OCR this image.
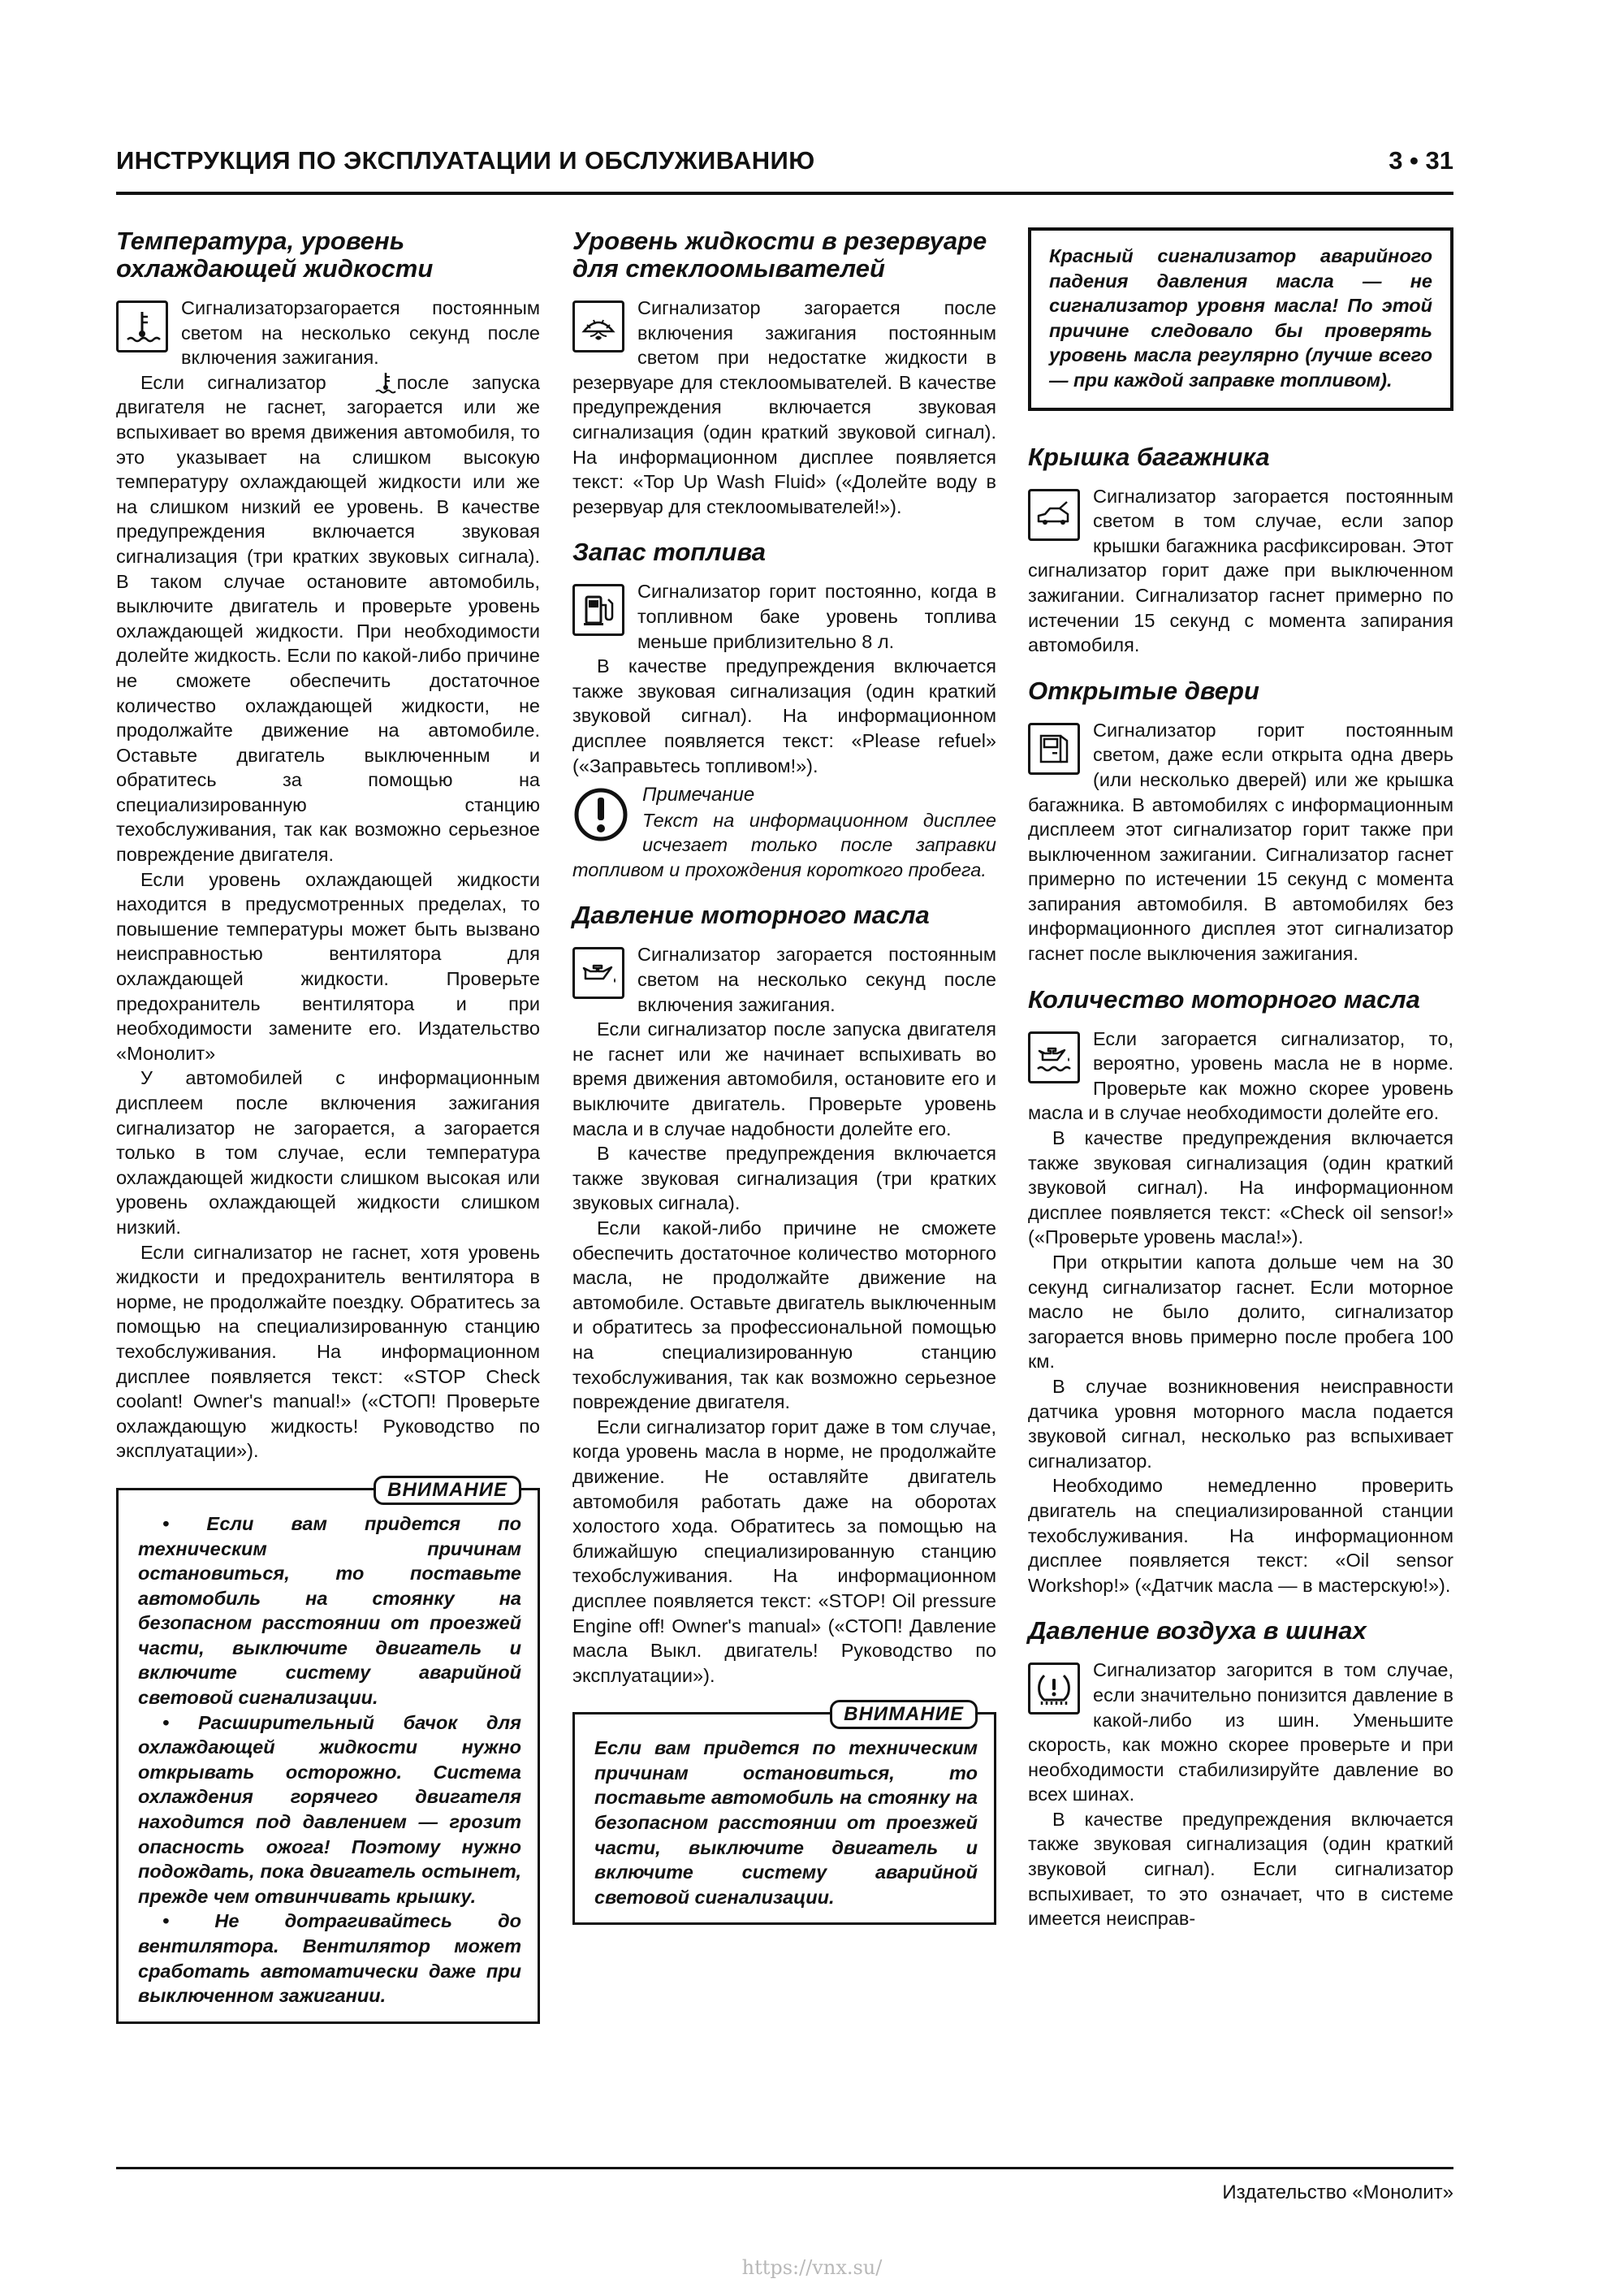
ИНСТРУКЦИЯ ПО ЭКСПЛУАТАЦИИ И ОБСЛУЖИВАНИЮ	3 • 31
Температура, уровень охлаждающей жидкости

Сигнализаторзагорается постоянным светом на несколько секунд после включения зажигания.

Если сигнализатор	после запуска двигателя не гаснет, загорается или же вспыхивает во время движения автомобиля, то это указывает на слишком высокую температуру охлаждающей жидкости или же на слишком низкий ее уровень. В качестве предупреждения включается звуковая сигнализация (три кратких звуковых сигнала). В таком случае остановите автомобиль, выключите двигатель и проверьте уровень охлаждающей жидкости. При необходимости долейте жидкость. Если по какой-либо причине не сможете обеспечить достаточное количество охлаждающей жидкости, не продолжайте движение на автомобиле. Оставьте двигатель выключенным и обратитесь за помощью на специализированную станцию техобслуживания, так как возможно серьезное повреждение двигателя.

Если уровень охлаждающей жидкости находится в предусмотренных пределах, то повышение температуры может быть вызвано неисправностью вентилятора для охлаждающей жидкости. Проверьте предохранитель вентилятора и при необходимости замените его. Издательство «Монолит»

У автомобилей с информационным дисплеем после включения зажигания сигнализатор не загорается, а загорается только в том случае, если температура охлаждающей жидкости слишком высокая или уровень охлаждающей жидкости слишком низкий.

Если сигнализатор не гаснет, хотя уровень жидкости и предохранитель вентилятора в норме, не продолжайте поездку. Обратитесь за помощью на специализированную станцию техобслуживания. На информационном дисплее появляется текст: «STOP Check coolant! Owner's manual!» («СТОП! Проверьте охлаждающую жидкость! Руководство по эксплуатации»).

ВНИМАНИЕ

• Если вам придется по техническим причинам остановиться, то поставьте автомобиль на стоянку на безопасном расстоянии от проезжей части, выключите двигатель и включите систему аварийной световой сигнализации.

• Расширительный бачок для охлаждающей жидкости нужно открывать осторожно. Система охлаждения горячего двигателя находится под давлением — грозит опасность ожога! Поэтому нужно подождать, пока двигатель остынет, прежде чем отвинчивать крышку.

• Не дотрагивайтесь до вентилятора. Вентилятор может сработать автоматически даже при выключенном зажигании.

Уровень жидкости в резервуаре для стеклоомывателей

Сигнализатор загорается после включения зажигания постоянным светом при недостатке жидкости в резервуаре для стеклоомывателей. В качестве предупреждения включается звуковая сигнализация (один краткий звуковой сигнал). На информационном дисплее появляется текст: «Top Up Wash Fluid» («Долейте воду в резервуар для стеклоомывателей!»).

Запас топлива

Сигнализатор горит постоянно, когда в топливном баке уровень топлива меньше приблизительно 8 л.

В качестве предупреждения включается также звуковая сигнализация (один краткий звуковой сигнал). На информационном дисплее появляется текст: «Please refuel» («Заправьтесь топливом!»).

Примечание

Текст на информационном дисплее исчезает только после заправки топливом и прохождения короткого пробега.

Давление моторного масла

Сигнализатор загорается постоянным светом на несколько секунд после включения зажигания.

Если сигнализатор после запуска двигателя не гаснет или же начинает вспыхивать во время движения автомобиля, остановите его и выключите двигатель. Проверьте уровень масла и в случае надобности долейте его.

В качестве предупреждения включается также звуковая сигнализация (три кратких звуковых сигнала).

Если какой-либо причине не сможете обеспечить достаточное количество моторного масла, не продолжайте движение на автомобиле. Оставьте двигатель выключенным и обратитесь за профессиональной помощью на специализированную станцию техобслуживания, так как возможно серьезное повреждение двигателя.

Если сигнализатор горит даже в том случае, когда уровень масла в норме, не продолжайте движение. Не оставляйте двигатель автомобиля работать даже на оборотах холостого хода. Обратитесь за помощью на ближайшую специализированную станцию техобслуживания. На информационном дисплее появляется текст: «STOP! Oil pressure Engine off! Owner's manual» («СТОП! Давление масла Выкл. двигатель! Руководство по эксплуатации»).

ВНИМАНИЕ

Если вам придется по техническим причинам остановиться, то поставьте автомобиль на стоянку на безопасном расстоянии от проезжей части, выключите двигатель и включите систему аварийной световой сигнализации.

Красный сигнализатор аварийного падения давления масла — не сигнализатор уровня масла! По этой причине следовало бы проверять уровень масла регулярно (лучше всего — при каждой заправке топливом).

Крышка багажника

Сигнализатор загорается постоянным светом в том случае, если запор крышки багажника расфиксирован. Этот сигнализатор горит даже при выключенном зажигании. Сигнализатор гаснет примерно по истечении 15 секунд с момента запирания автомобиля.

Открытые двери

Сигнализатор горит постоянным светом, даже если открыта одна дверь (или несколько дверей) или же крышка багажника. В автомобилях с информационным дисплеем этот сигнализатор горит также при выключенном зажигании. Сигнализатор гаснет примерно по истечении 15 секунд с момента запирания автомобиля. В автомобилях без информационного дисплея этот сигнализатор гаснет после выключения зажигания.

Количество моторного масла

Если загорается сигнализатор, то, вероятно, уровень масла не в норме. Проверьте как можно скорее уровень масла и в случае необходимости долейте его.

В качестве предупреждения включается также звуковая сигнализация (один краткий звуковой сигнал). На информационном дисплее появляется текст: «Check oil sensor!» («Проверьте уровень масла!»).

При открытии капота дольше чем на 30 секунд сигнализатор гаснет. Если моторное масло не было долито, сигнализатор загорается вновь примерно после пробега 100 км.

В случае возникновения неисправности датчика уровня моторного масла подается звуковой сигнал, несколько раз вспыхивает сигнализатор.

Необходимо немедленно проверить двигатель на специализированной станции техобслуживания. На информационном дисплее появляется текст: «Oil sensor Workshop!» («Датчик масла — в мастерскую!»).

Давление воздуха в шинах

Сигнализатор загорится в том случае, если значительно понизится давление в какой-либо из шин. Уменьшите скорость, как можно скорее проверьте и при необходимости стабилизируйте давление во всех шинах.

В качестве предупреждения включается также звуковая сигнализация (один краткий звуковой сигнал). Если сигнализатор вспыхивает, то это означает, что в системе имеется неисправ-

Издательство «Монолит»
https://vnx.su/
